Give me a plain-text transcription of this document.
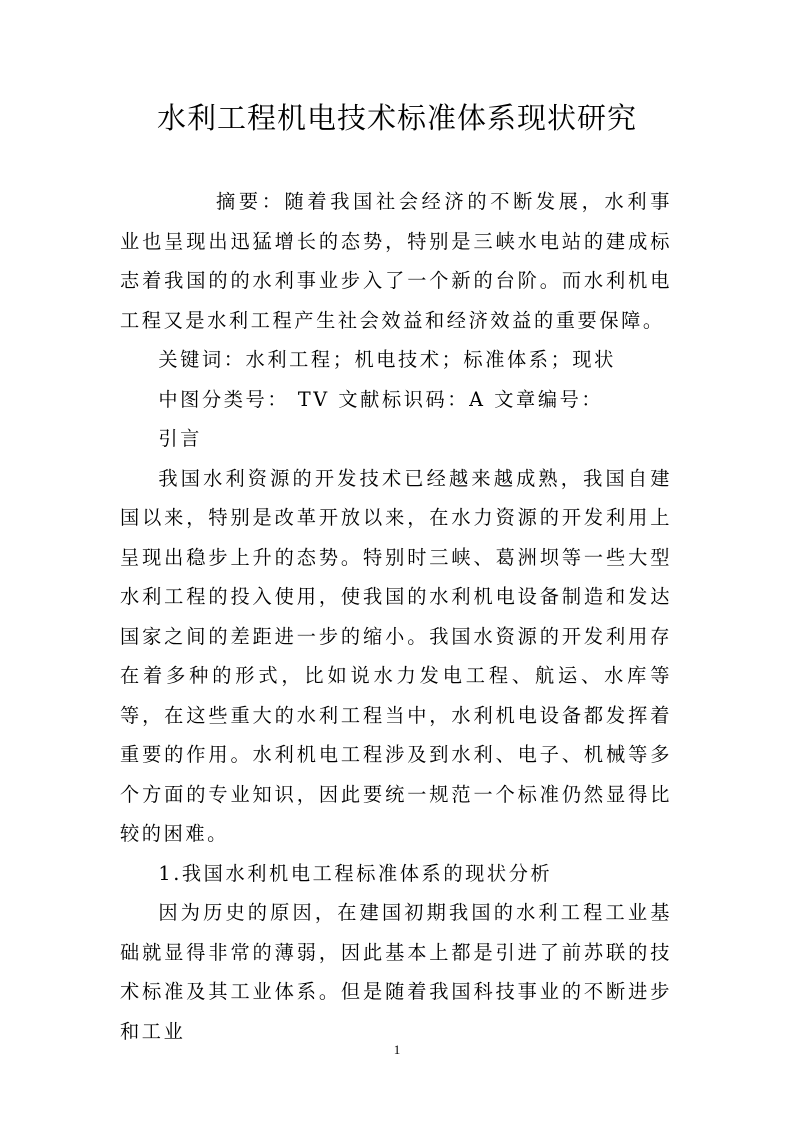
水利工程机电技术标准体系现状研究

摘要：随着我国社会经济的不断发展，水利事业也呈现出迅猛增长的态势，特别是三峡水电站的建成标志着我国的的水利事业步入了一个新的台阶。而水利机电工程又是水利工程产生社会效益和经济效益的重要保障。

关键词：水利工程；机电技术；标准体系；现状

中图分类号： TV 文献标识码：A 文章编号：

引言

我国水利资源的开发技术已经越来越成熟，我国自建国以来，特别是改革开放以来，在水力资源的开发利用上呈现出稳步上升的态势。特别时三峡、葛洲坝等一些大型水利工程的投入使用，使我国的水利机电设备制造和发达国家之间的差距进一步的缩小。我国水资源的开发利用存在着多种的形式，比如说水力发电工程、航运、水库等等，在这些重大的水利工程当中，水利机电设备都发挥着重要的作用。水利机电工程涉及到水利、电子、机械等多个方面的专业知识，因此要统一规范一个标准仍然显得比较的困难。

1.我国水利机电工程标准体系的现状分析

因为历史的原因，在建国初期我国的水利工程工业基础就显得非常的薄弱，因此基本上都是引进了前苏联的技术标准及其工业体系。但是随着我国科技事业的不断进步和工业

1
